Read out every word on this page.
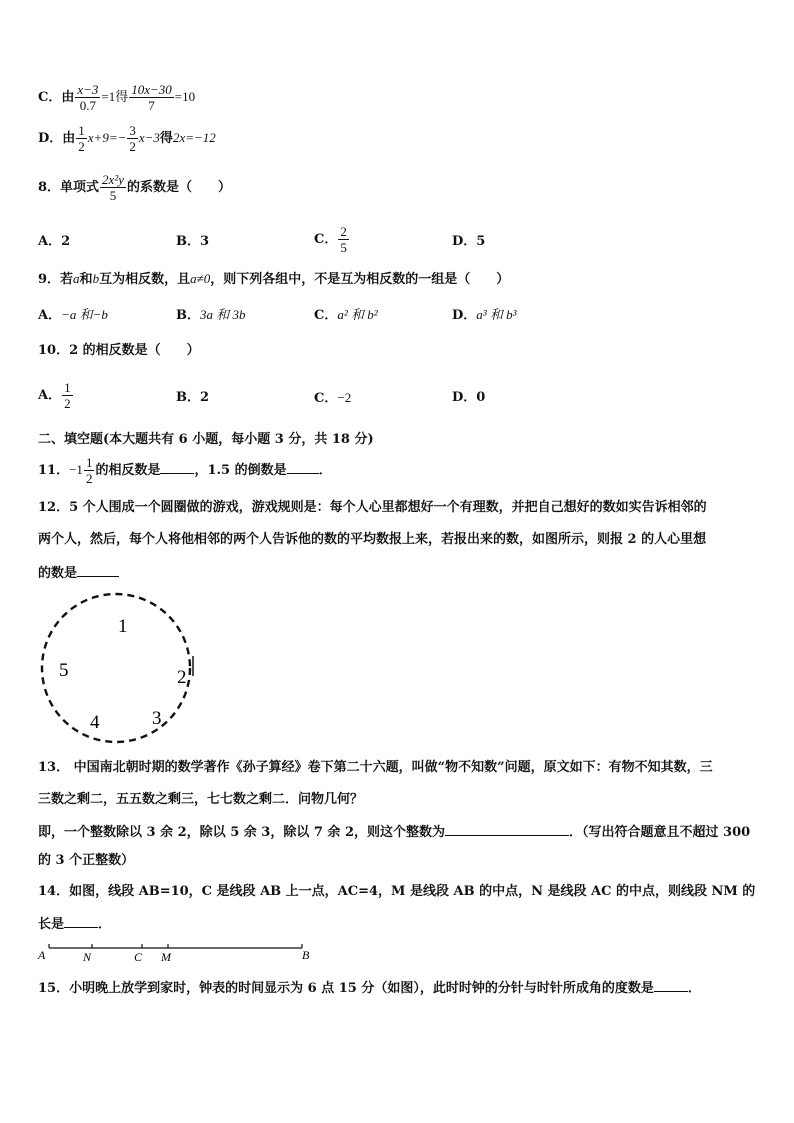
C．由 $\frac{x-3}{0.7} =1$得 $\frac{10x-30}{7} =10$
D．由 $\frac{1}{2} x+9=- \frac{3}{2} x-3$得2x=−12
8．单项式 $\frac{\text{2x²y}}{5}$ 的系数是（　　）
A．2	B．3	C． $\frac{2}{5}$	D．5
9．若a和b互为相反数，且a≠0，则下列各组中，不是互为相反数的一组是（　　）
A．−a 和−b	B．3a 和 3b	C．a² 和 b²	D．a³ 和 b³
10．2 的相反数是（　　）
A． $\frac{1}{2}$	B．2	C．−2	D．0
二、填空题(本大题共有 6 小题，每小题 3 分，共 18 分)
11．$-1 \frac{1}{2}$ 的相反数是	，1.5 的倒数是 ．
12．5 个人围成一个圆圈做的游戏，游戏规则是：每个人心里都想好一个有理数，并把自己想好的数如实告诉相邻的
两个人，然后，每个人将他相邻的两个人告诉他的数的平均数报上来，若报出来的数，如图所示，则报 2 的人心里想
的数是
1
2
3
4
5
13． 中国南北朝时期的数学著作《孙子算经》卷下第二十六题，叫做“物不知数”问题，原文如下：有物不知其数，三
三数之剩二，五五数之剩三，七七数之剩二．问物几何？
即，一个整数除以 3 余 2，除以 5 余 3，除以 7 余 2，则这个整数为	．（写出符合题意且不超过 300
的 3 个正整数）
14．如图，线段 AB=10，C 是线段 AB 上一点，AC=4，M 是线段 AB 的中点，N 是线段 AC 的中点，则线段 NM 的
长是	．
A	N	C M	B
15．小明晚上放学到家时，钟表的时间显示为 6 点 15 分（如图），此时时钟的分针与时针所成角的度数是	．
